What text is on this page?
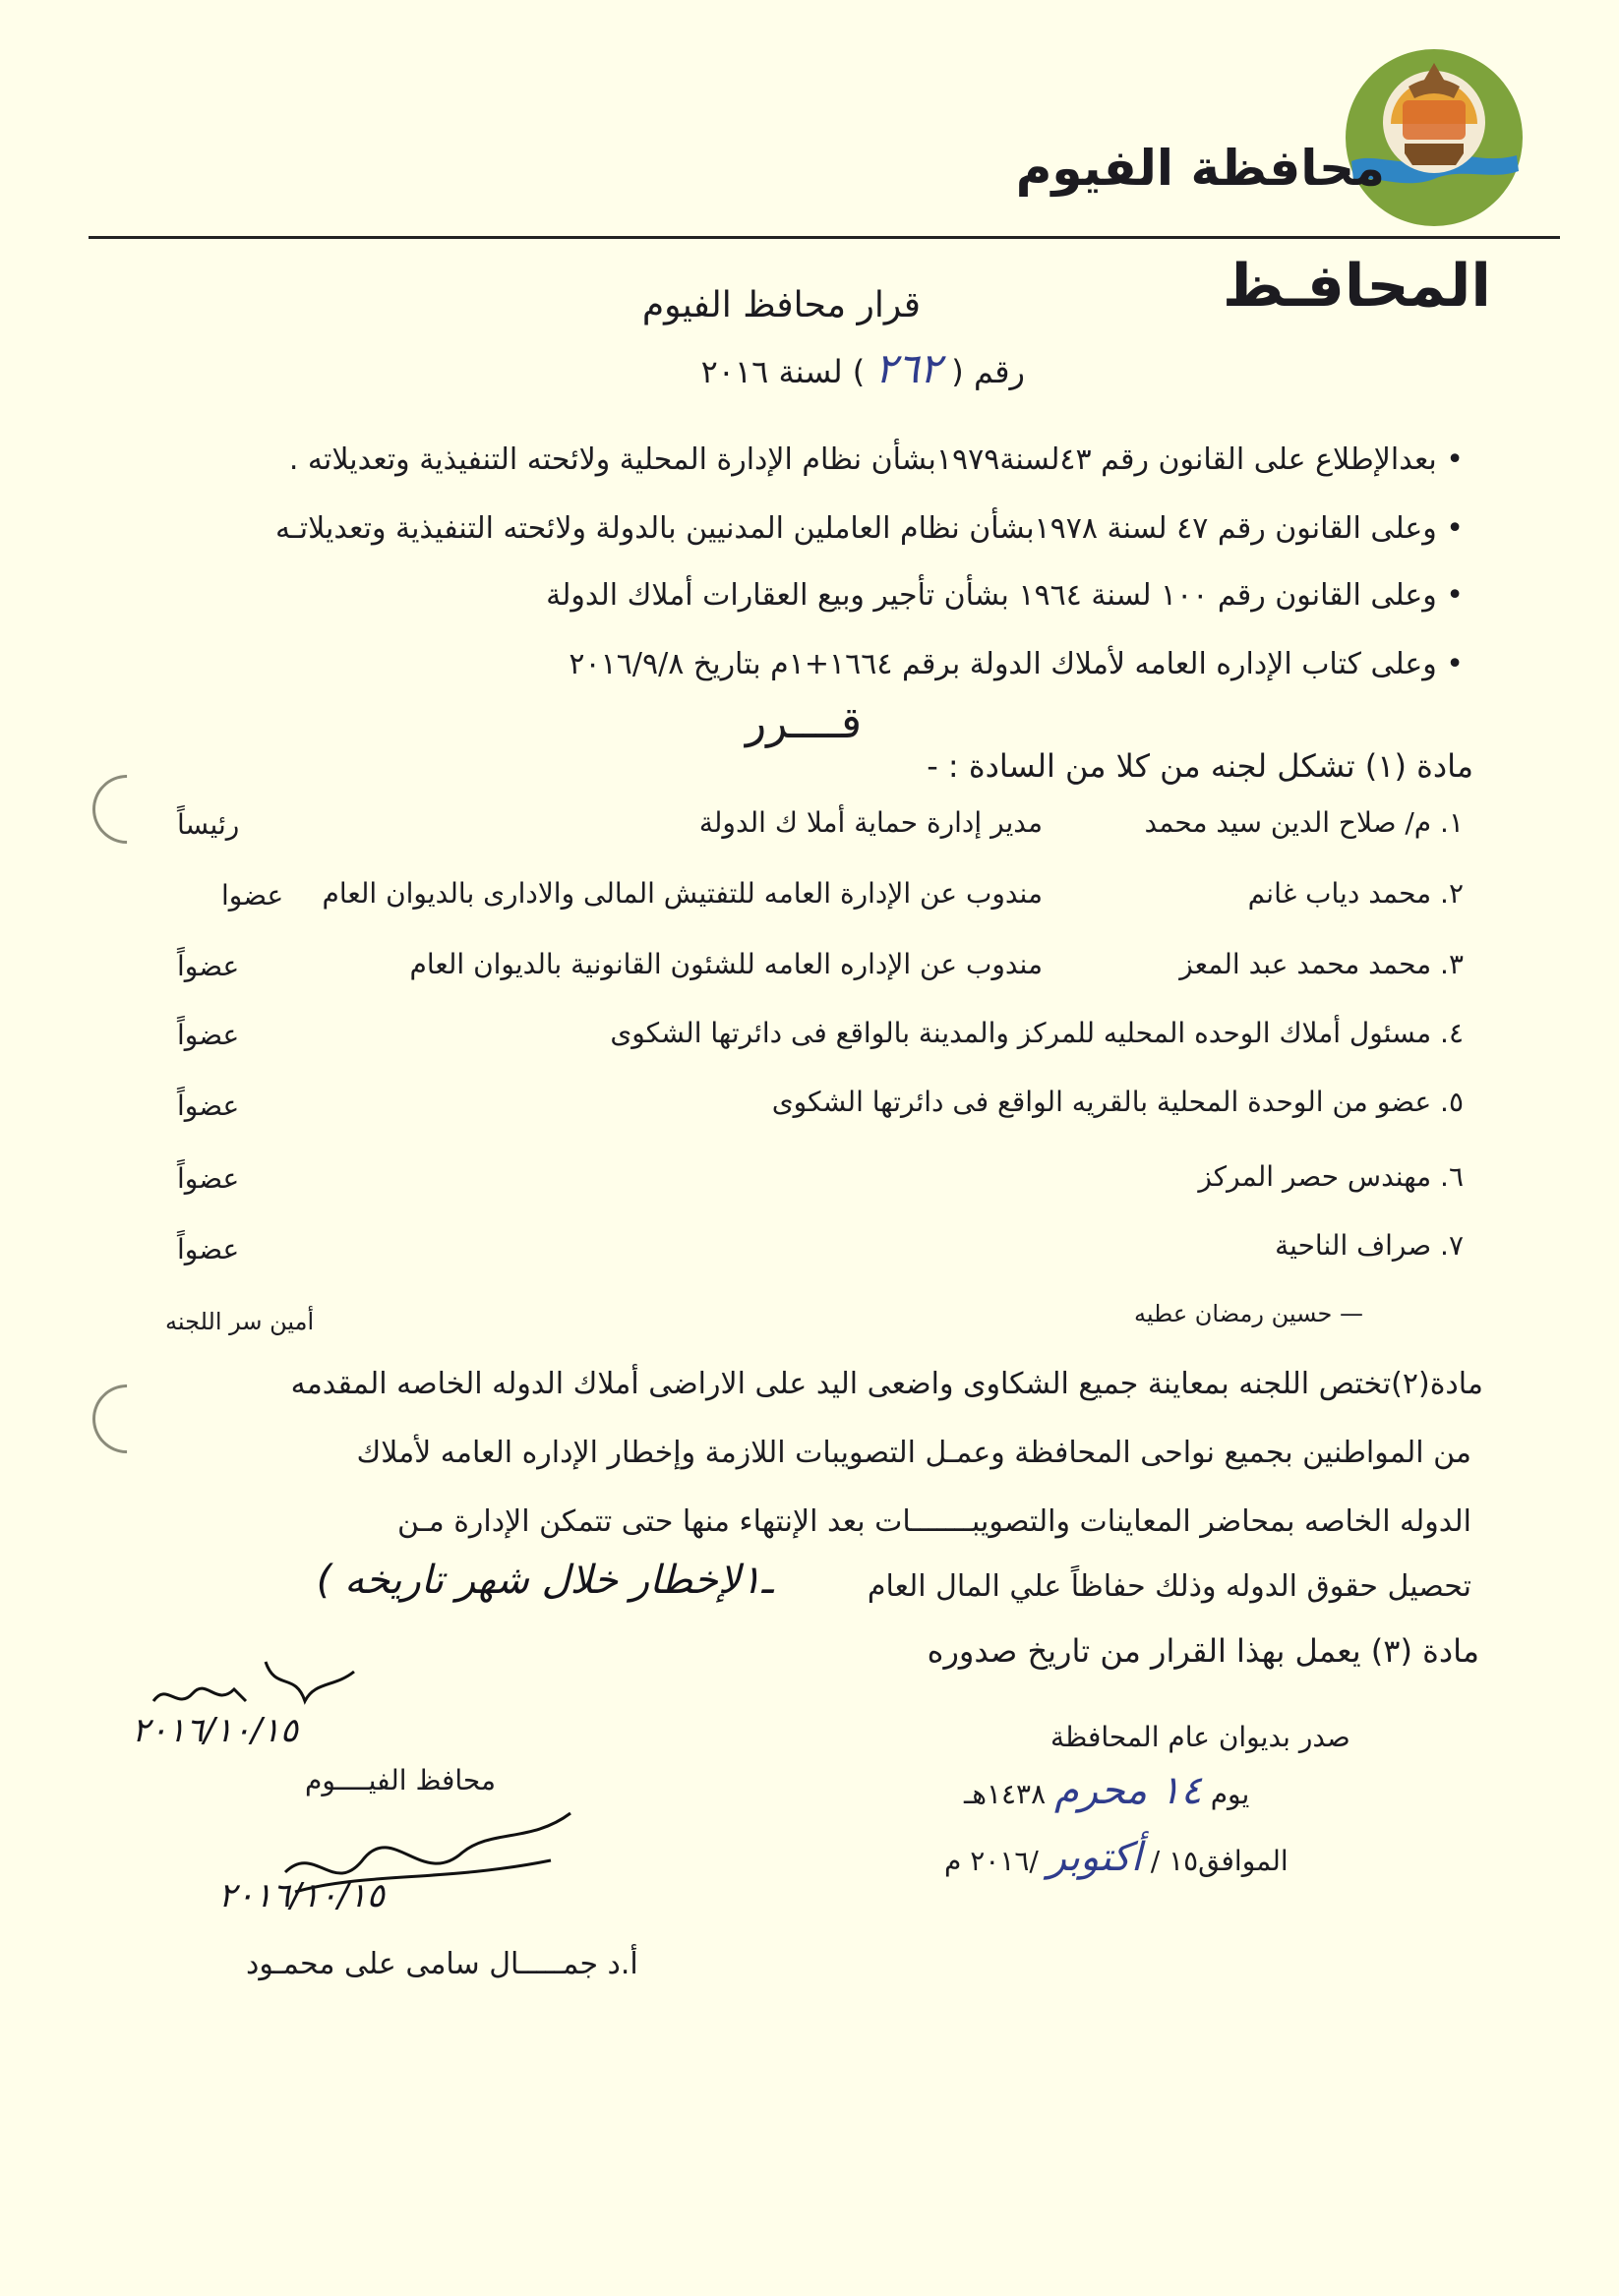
محافظة الفيوم
المحافـظ
قرار محافظ الفيوم
رقم ( ٢٦٢ ) لسنة ٢٠١٦
• بعدالإطلاع على القانون رقم ٤٣لسنة١٩٧٩بشأن نظام الإدارة المحلية ولائحته التنفيذية وتعديلاته .
• وعلى القانون رقم ٤٧ لسنة ١٩٧٨بشأن نظام العاملين المدنيين بالدولة ولائحته التنفيذية وتعديلاتـه
• وعلى القانون رقم ١٠٠ لسنة ١٩٦٤ بشأن تأجير وبيع العقارات أملاك الدولة
• وعلى كتاب الإداره العامه لأملاك الدولة برقم ١٦٦٤+١م بتاريخ ٢٠١٦/٩/٨
قــــرر
مادة (١) تشكل لجنه من كلا من السادة : -
١. م/ صلاح الدين سيد محمد
مدير إدارة حماية أملا ك الدولة
رئيساً
٢. محمد دياب غانم
مندوب عن الإدارة العامه للتفتيش المالى والادارى بالديوان العام
عضوا
٣. محمد محمد عبد المعز
مندوب عن الإداره العامه للشئون القانونية بالديوان العام
عضواً
٤. مسئول أملاك الوحده المحليه للمركز والمدينة بالواقع فى دائرتها الشكوى
عضواً
٥. عضو من الوحدة المحلية بالقريه الواقع فى دائرتها الشكوى
عضواً
٦. مهندس حصر المركز
عضواً
٧. صراف الناحية
عضواً
— حسين رمضان عطيه
أمين سر اللجنه
مادة(٢)تختص اللجنه بمعاينة جميع الشكاوى واضعى اليد على الاراضى أملاك الدوله الخاصه المقدمه
من المواطنين بجميع نواحى المحافظة وعمـل التصويبات اللازمة وإخطار الإداره العامه لأملاك
الدوله الخاصه بمحاضر المعاينات والتصويبـــــــات بعد الإنتهاء منها حتى تتمكن الإدارة مـن
تحصيل حقوق الدوله وذلك حفاظاً علي المال العام
ـ١لإخطار خلال شهر تاريخه )
مادة (٣) يعمل بهذا القرار من تاريخ صدوره
صدر بديوان عام المحافظة
يوم ١٤ محرم ١٤٣٨هـ
الموافق١٥ / أكتوبر /٢٠١٦ م
٢٠١٦/١٠/١٥
محافظ الفيــــوم
٢٠١٦/١٠/١٥
أ.د جمـــــال سامى على محمـود
